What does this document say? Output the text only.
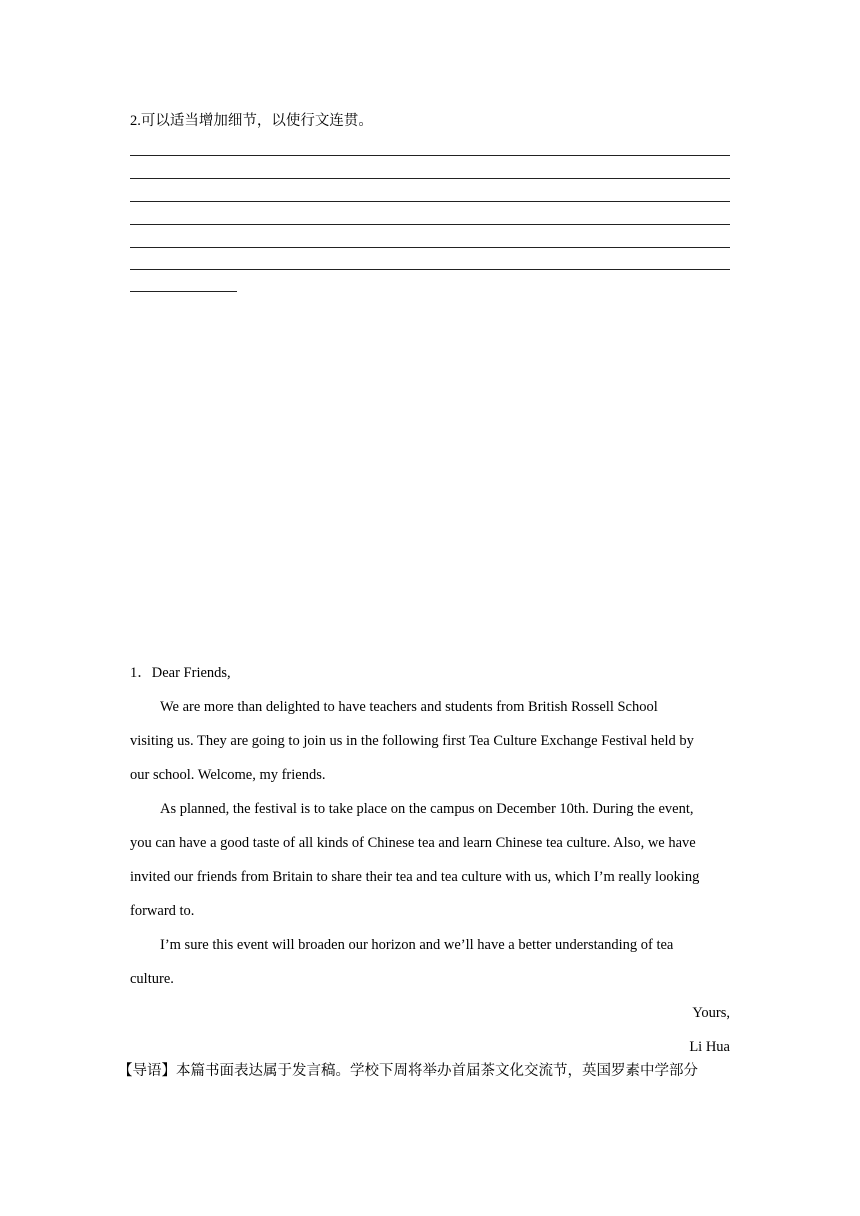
2.可以适当增加细节，以使行文连贯。

1．Dear Friends,

We are more than delighted to have teachers and students from British Rossell School

visiting us. They are going to join us in the following first Tea Culture Exchange Festival held by

our school. Welcome, my friends.

As planned, the festival is to take place on the campus on December 10th. During the event,

you can have a good taste of all kinds of Chinese tea and learn Chinese tea culture. Also, we have

invited our friends from Britain to share their tea and tea culture with us, which I’m really looking

forward to.

I’m sure this event will broaden our horizon and we’ll have a better understanding of tea

culture.

Yours,

Li Hua

【导语】本篇书面表达属于发言稿。学校下周将举办首届茶文化交流节，英国罗素中学部分
